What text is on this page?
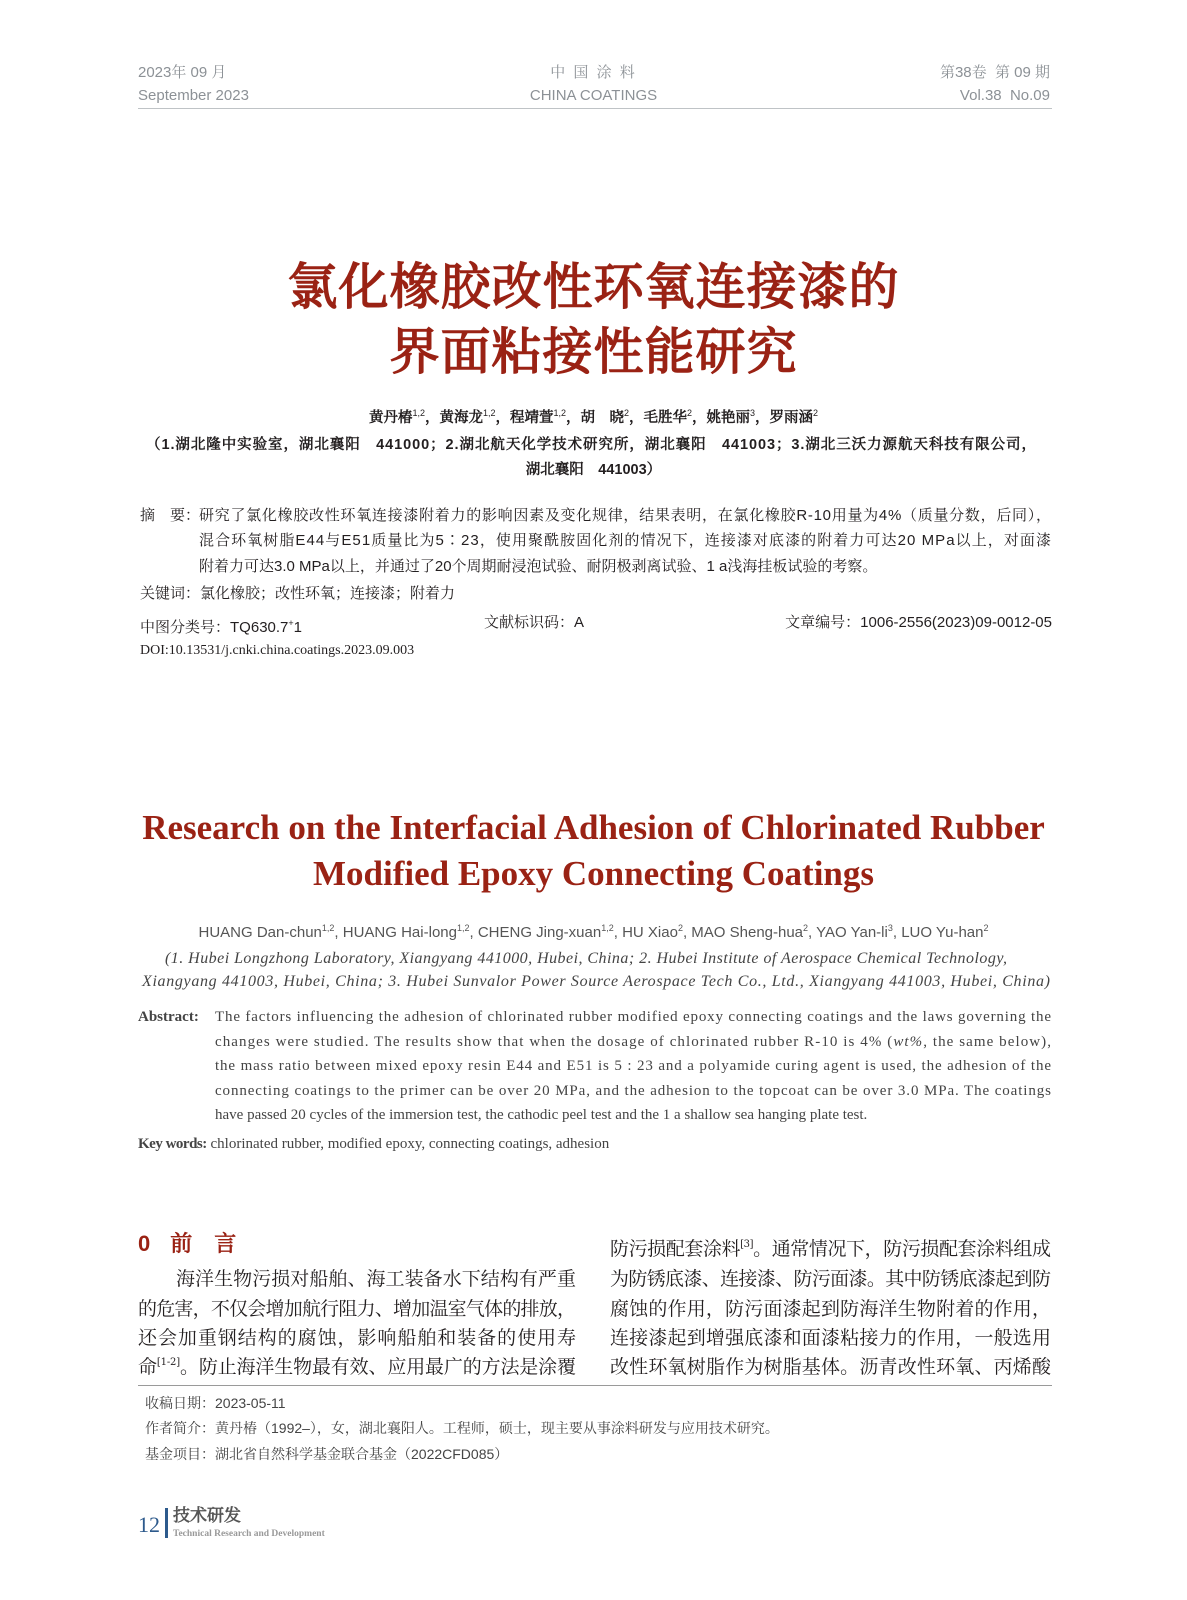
2023年 09 月
September 2023
中 国 涂 料
CHINA COATINGS
第38卷  第 09 期
Vol.38  No.09
氯化橡胶改性环氧连接漆的
界面粘接性能研究
黄丹椿$^{1,2}$，黄海龙$^{1,2}$，程靖萱$^{1,2}$，胡　晓$^2$，毛胜华$^2$，姚艳丽$^3$，罗雨涵$^2$
（1.湖北隆中实验室，湖北襄阳　441000；2.湖北航天化学技术研究所，湖北襄阳　441003；3.湖北三沃力源航天科技有限公司，
湖北襄阳　441003）
摘　要：
研究了氯化橡胶改性环氧连接漆附着力的影响因素及变化规律，结果表明，在氯化橡胶R-10用量为4%（质量分数，后同），
混合环氧树脂E44与E51质量比为5∶23，使用聚酰胺固化剂的情况下，连接漆对底漆的附着力可达20 MPa以上，对面漆
附着力可达3.0 MPa以上，并通过了20个周期耐浸泡试验、耐阴极剥离试验、1 a浅海挂板试验的考察。
关键词：氯化橡胶；改性环氧；连接漆；附着力
中图分类号：TQ630.7+1	文献标识码：A	文章编号：1006-2556(2023)09-0012-05
DOI:10.13531/j.cnki.china.coatings.2023.09.003
Research on the Interfacial Adhesion of Chlorinated Rubber
Modified Epoxy Connecting Coatings
HUANG Dan-chun$^{1,2}$, HUANG Hai-long$^{1,2}$, CHENG Jing-xuan$^{1,2}$, HU Xiao$^2$, MAO Sheng-hua$^2$, YAO Yan-$li^3$, LUO Yu-han$^2$
(1. Hubei Longzhong Laboratory, Xiangyang 441000, Hubei, China; 2. Hubei Institute of Aerospace Chemical Technology,
Xiangyang 441003, Hubei, China; 3. Hubei Sunvalor Power Source Aerospace Tech Co., Ltd., Xiangyang 441003, Hubei, China)
Abstract: The factors influencing the adhesion of chlorinated rubber modified epoxy connecting coatings and the laws governing the
changes were studied. The results show that when the dosage of chlorinated rubber R-10 is 4% (wt%, the same below),
the mass ratio between mixed epoxy resin E44 and E51 is 5 : 23 and a polyamide curing agent is used, the adhesion of the
connecting coatings to the primer can be over 20 MPa, and the adhesion to the topcoat can be over 3.0 MPa. The coatings
have passed 20 cycles of the immersion test, the cathodic peel test and the 1 a shallow sea hanging plate test.
Key words: chlorinated rubber, modified epoxy, connecting coatings, adhesion
0 前　言
海洋生物污损对船舶、海工装备水下结构有严重
的危害，不仅会增加航行阻力、增加温室气体的排放，
还会加重钢结构的腐蚀，影响船舶和装备的使用寿
命[1-2]。防止海洋生物最有效、应用最广的方法是涂覆
防污损配套涂料[3]。通常情况下，防污损配套涂料组成
为防锈底漆、连接漆、防污面漆。其中防锈底漆起到防
腐蚀的作用，防污面漆起到防海洋生物附着的作用，
连接漆起到增强底漆和面漆粘接力的作用，一般选用
改性环氧树脂作为树脂基体。沥青改性环氧、丙烯酸
收稿日期：2023-05-11
作者简介：黄丹椿（1992–），女，湖北襄阳人。工程师，硕士，现主要从事涂料研发与应用技术研究。
基金项目：湖北省自然科学基金联合基金（2022CFD085）
12 技术研发
Technical Research and Development
